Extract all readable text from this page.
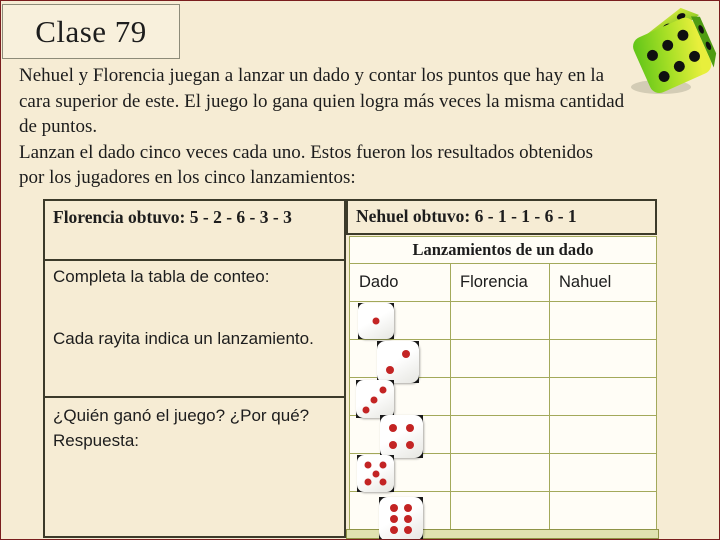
Clase 79
Nehuel y Florencia juegan a lanzar un dado y contar los puntos que hay en la
cara superior de este. El juego lo gana quien logra más veces la misma cantidad
de puntos.
Lanzan el dado cinco veces cada uno. Estos fueron los resultados obtenidos
por los jugadores en los cinco lanzamientos:
Florencia obtuvo: 5 - 2 - 6 - 3 - 3
Completa la tabla de conteo:
Cada rayita indica un lanzamiento.
¿Quién ganó el juego? ¿Por qué?
Respuesta:
Nehuel obtuvo: 6 - 1 - 1 - 6 - 1
Lanzamientos de un dado
Dado	Florencia	Nahuel
